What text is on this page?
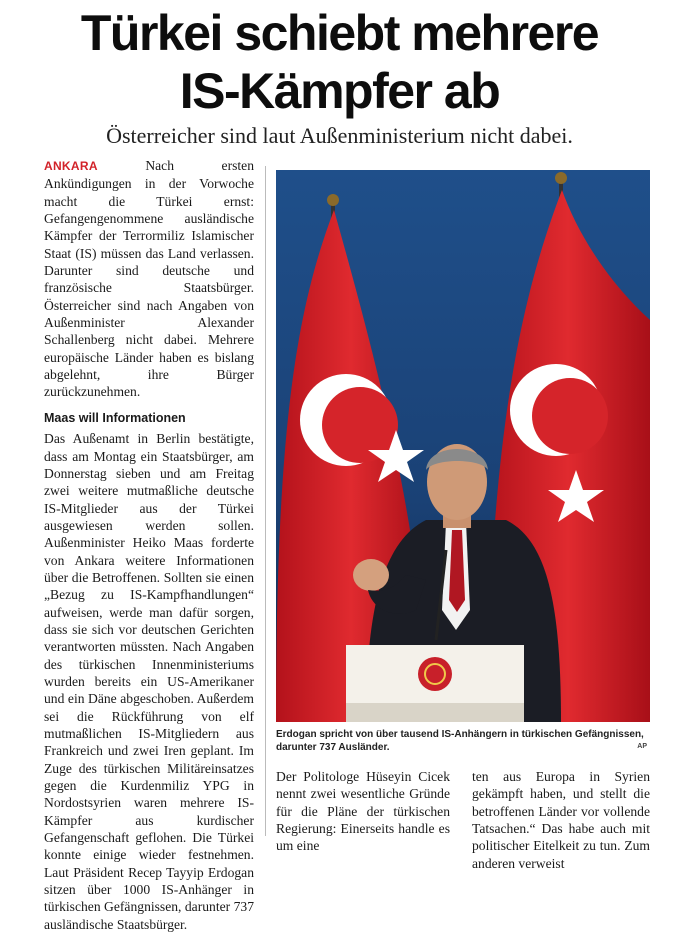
Türkei schiebt mehrere
IS-Kämpfer ab
Österreicher sind laut Außenministerium nicht dabei.

ANKARA	Nach ersten Ankündigungen in der Vorwoche macht die Türkei ernst: Gefangengenommene ausländische Kämpfer der Terrormiliz Islamischer Staat (IS) müssen das Land verlassen. Darunter sind deutsche und französische Staatsbürger. Österreicher sind nach Angaben von Außenminister Alexander Schallenberg nicht dabei. Mehrere europäische Länder haben es bislang abgelehnt, ihre Bürger zurückzunehmen.

Maas will Informationen

Das Außenamt in Berlin bestätigte, dass am Montag ein Staatsbürger, am Donnerstag sieben und am Freitag zwei weitere mutmaßliche deutsche IS-Mitglieder aus der Türkei ausgewiesen werden sollen. Außenminister Heiko Maas forderte von Ankara weitere Informationen über die Betroffenen. Sollten sie einen „Bezug zu IS-Kampfhandlungen“ aufweisen, werde man dafür sorgen, dass sie sich vor deutschen Gerichten verantworten müssten. Nach Angaben des türkischen Innenministeriums wurden bereits ein US-Amerikaner und ein Däne abgeschoben. Außerdem sei die Rückführung von elf mutmaßlichen IS-Mitgliedern aus Frankreich und zwei Iren geplant. Im Zuge des türkischen Militäreinsatzes gegen die Kurdenmiliz YPG in Nordostsyrien waren mehrere IS-Kämpfer aus kurdischer Gefangenschaft geflohen. Die Türkei konnte einige wieder festnehmen. Laut Präsident Recep Tayyip Erdogan sitzen über 1000 IS-Anhänger in türkischen Gefängnissen, darunter 737 ausländische Staatsbürger.

Erdogan spricht von über tausend IS-Anhängern in türkischen Gefängnissen, darunter 737 Ausländer.	AP

Der Politologe Hüseyin Cicek nennt zwei wesentliche Gründe für die Pläne der türkischen Regierung: Einerseits handle es um eine

ten aus Europa in Syrien gekämpft haben, und stellt die betroffenen Länder vor vollende Tatsachen.“ Das habe auch mit politischer Eitelkeit zu tun. Zum anderen verweist
